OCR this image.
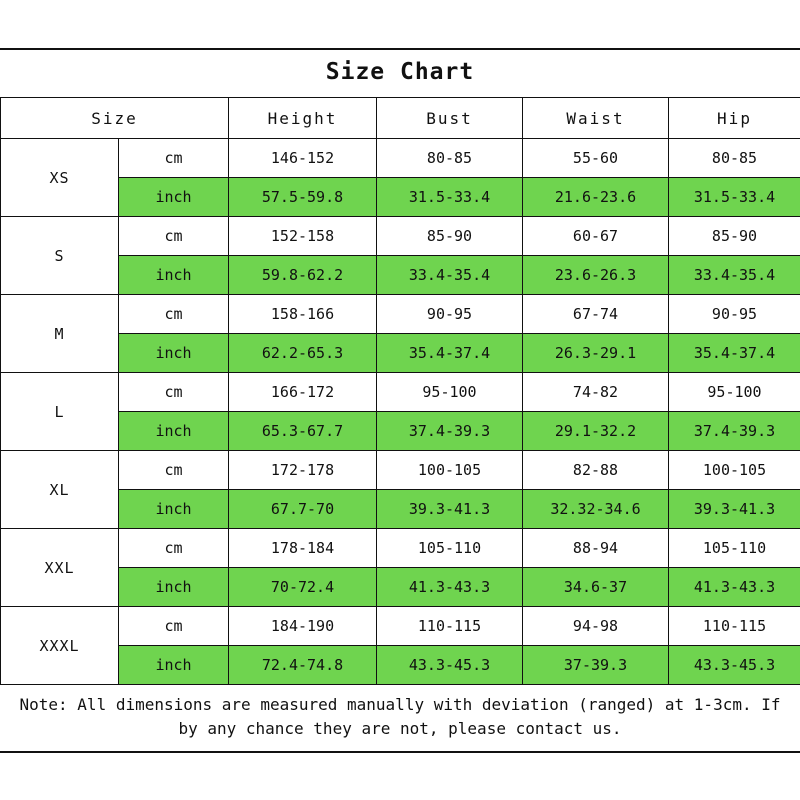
Size Chart
Size		Height	Bust	Waist	Hip
XS	cm	146-152	80-85	55-60	80-85
	inch	57.5-59.8	31.5-33.4	21.6-23.6	31.5-33.4
S	cm	152-158	85-90	60-67	85-90
	inch	59.8-62.2	33.4-35.4	23.6-26.3	33.4-35.4
M	cm	158-166	90-95	67-74	90-95
	inch	62.2-65.3	35.4-37.4	26.3-29.1	35.4-37.4
L	cm	166-172	95-100	74-82	95-100
	inch	65.3-67.7	37.4-39.3	29.1-32.2	37.4-39.3
XL	cm	172-178	100-105	82-88	100-105
	inch	67.7-70	39.3-41.3	32.32-34.6	39.3-41.3
XXL	cm	178-184	105-110	88-94	105-110
	inch	70-72.4	41.3-43.3	34.6-37	41.3-43.3
XXXL	cm	184-190	110-115	94-98	110-115
	inch	72.4-74.8	43.3-45.3	37-39.3	43.3-45.3
Note: All dimensions are measured manually with deviation (ranged) at 1-3cm. If by any chance they are not, please contact us.
